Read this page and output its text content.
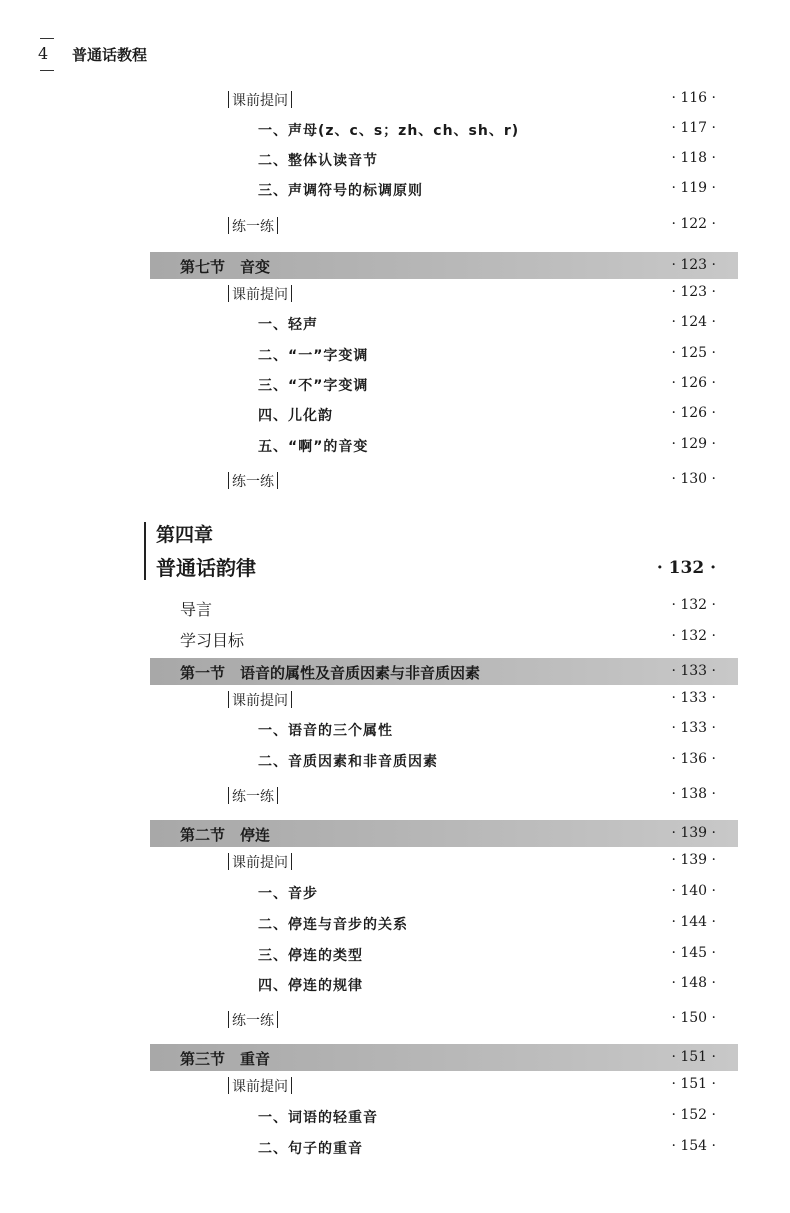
4 普通话教程
课前提问	· 116 ·
一、声母(z、c、s；zh、ch、sh、r)	· 117 ·
二、整体认读音节	· 118 ·
三、声调符号的标调原则	· 119 ·
练一练	· 122 ·
第七节　音变	· 123 ·
课前提问	· 123 ·
一、轻声	· 124 ·
二、“一”字变调	· 125 ·
三、“不”字变调	· 126 ·
四、儿化韵	· 126 ·
五、“啊”的音变	· 129 ·
练一练	· 130 ·
第四章
普通话韵律	· 132 ·
导言	· 132 ·
学习目标	· 132 ·
第一节　语音的属性及音质因素与非音质因素	· 133 ·
课前提问	· 133 ·
一、语音的三个属性	· 133 ·
二、音质因素和非音质因素	· 136 ·
练一练	· 138 ·
第二节　停连	· 139 ·
课前提问	· 139 ·
一、音步	· 140 ·
二、停连与音步的关系	· 144 ·
三、停连的类型	· 145 ·
四、停连的规律	· 148 ·
练一练	· 150 ·
第三节　重音	· 151 ·
课前提问	· 151 ·
一、词语的轻重音	· 152 ·
二、句子的重音	· 154 ·
